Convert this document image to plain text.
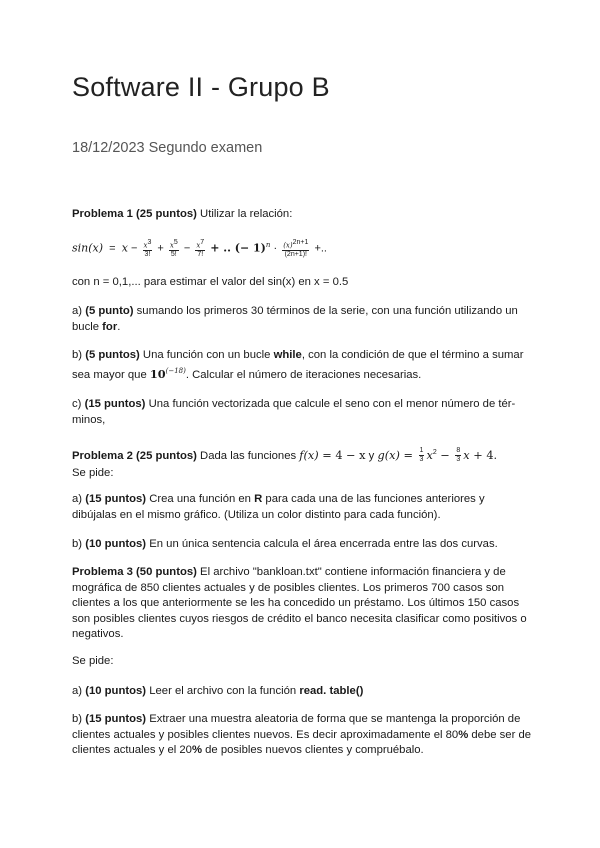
Software II - Grupo B
18/12/2023 Segundo examen
Problema 1 (25 puntos) Utilizar la relación:
$\sin(x) = x - \frac{x^3}{3!} + \frac{x^5}{5!} - \frac{x^7}{7!}$ + .. (− $1)^n \cdot \frac{(x)^{2n+1}}{(2n+1)!}$ +..
con n = 0,1,... para estimar el valor del sin(x) en x = 0.5
a) (5 punto) sumando los primeros 30 términos de la serie, con una función utilizando un bucle for.
b) (5 puntos) Una función con un bucle while, con la condición de que el término a sumar sea mayor que $10^{(-18)}$. Calcular el número de iteraciones necesarias.
c) (15 puntos) Una función vectorizada que calcule el seno con el menor número de tér-minos,
Problema 2 (25 puntos) Dada las funciones f(x) = 4 − x y $g(x) = \frac{1}{3} x^2 - \frac{8}{3}$ x + 4.
Se pide:
a) (15 puntos) Crea una función en R para cada una de las funciones anteriores y dibújalas en el mismo gráfico. (Utiliza un color distinto para cada función).
b) (10 puntos) En un única sentencia calcula el área encerrada entre las dos curvas.
Problema 3 (50 puntos) El archivo "bankloan.txt" contiene información financiera y de mográfica de 850 clientes actuales y de posibles clientes. Los primeros 700 casos son clientes a los que anteriormente se les ha concedido un préstamo. Los últimos 150 casos son posibles clientes cuyos riesgos de crédito el banco necesita clasificar como positivos o negativos.
Se pide:
a) (10 puntos) Leer el archivo con la función read. table()
b) (15 puntos) Extraer una muestra aleatoria de forma que se mantenga la proporción de clientes actuales y posibles clientes nuevos. Es decir aproximadamente el 80% debe ser de clientes actuales y el 20% de posibles nuevos clientes y compruébalo.
